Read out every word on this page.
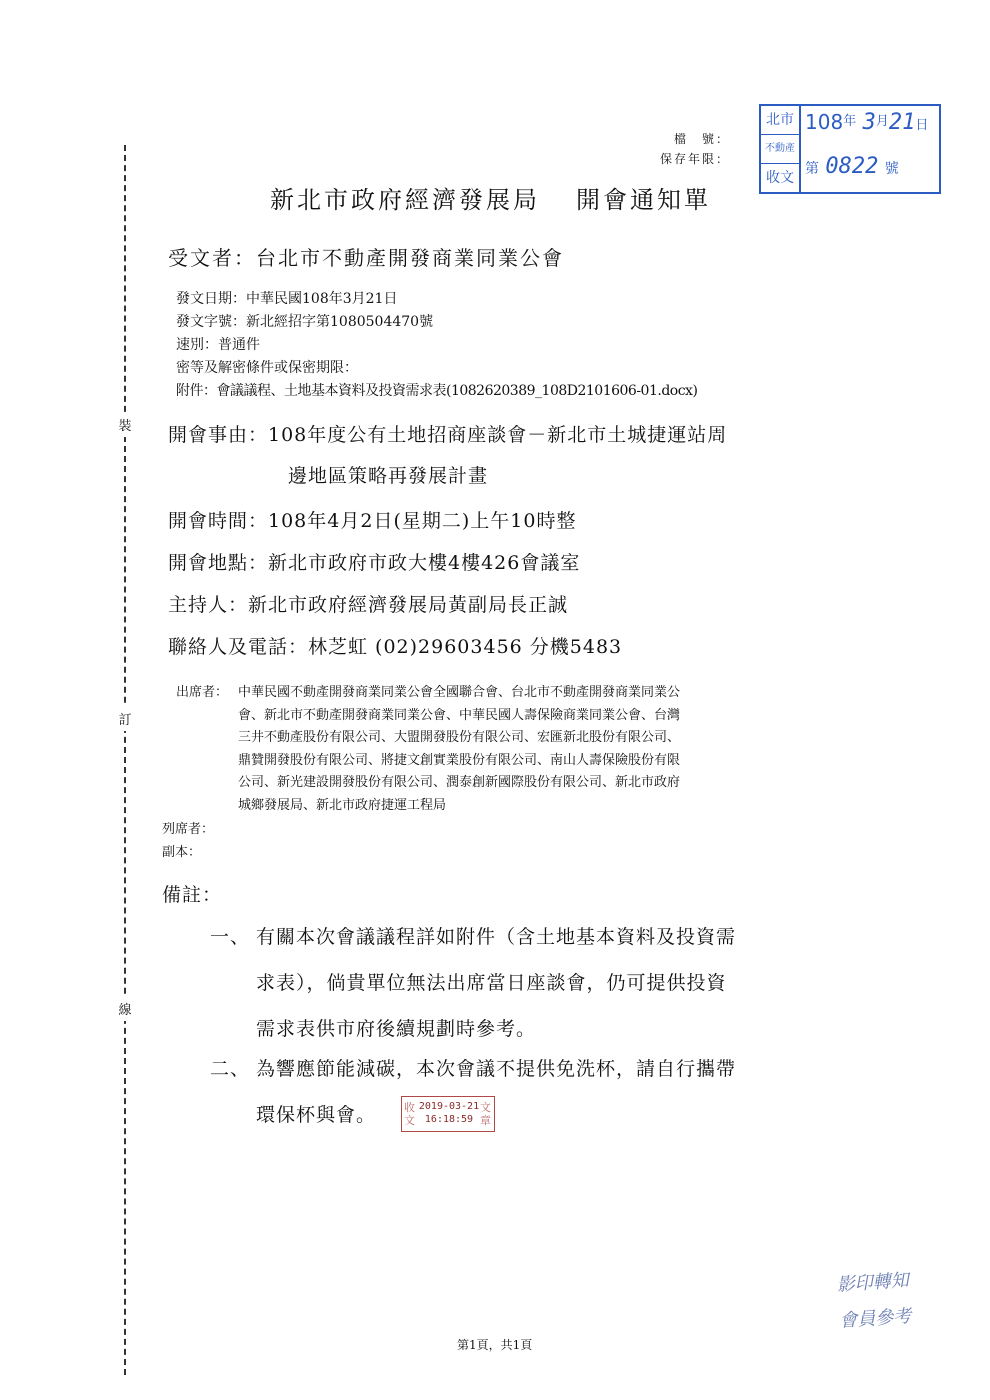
裝
訂
線
檔　號：
保存年限：
北市
不動產
收文
$108^年$ $3^月21$日
第 0822 號
新北市政府經濟發展局 開會通知單
受文者：台北市不動產開發商業同業公會
發文日期：中華民國108年3月21日
發文字號：新北經招字第1080504470號
速別：普通件
密等及解密條件或保密期限：
附件：會議議程、土地基本資料及投資需求表(1082620389_108D2101606-01.docx)
開會事由：108年度公有土地招商座談會－新北市土城捷運站周
邊地區策略再發展計畫
開會時間：108年4月2日(星期二)上午10時整
開會地點：新北市政府市政大樓4樓426會議室
主持人：新北市政府經濟發展局黃副局長正誠
聯絡人及電話：林芝虹 (02)29603456 分機5483
出席者： 中華民國不動產開發商業同業公會全國聯合會、台北市不動產開發商業同業公
會、新北市不動產開發商業同業公會、中華民國人壽保險商業同業公會、台灣
三井不動產股份有限公司、大盟開發股份有限公司、宏匯新北股份有限公司、
鼎贊開發股份有限公司、將捷文創實業股份有限公司、南山人壽保險股份有限
公司、新光建設開發股份有限公司、潤泰創新國際股份有限公司、新北市政府
城鄉發展局、新北市政府捷運工程局
列席者：
副本：
備註：
一、 有關本次會議議程詳如附件（含土地基本資料及投資需
求表），倘貴單位無法出席當日座談會，仍可提供投資
需求表供市府後續規劃時參考。
二、 為響應節能減碳，本次會議不提供免洗杯，請自行攜帶
環保杯與會。	收文
2019-03-21
16:18:59
文章
影印轉知
會員參考
第1頁，共1頁
